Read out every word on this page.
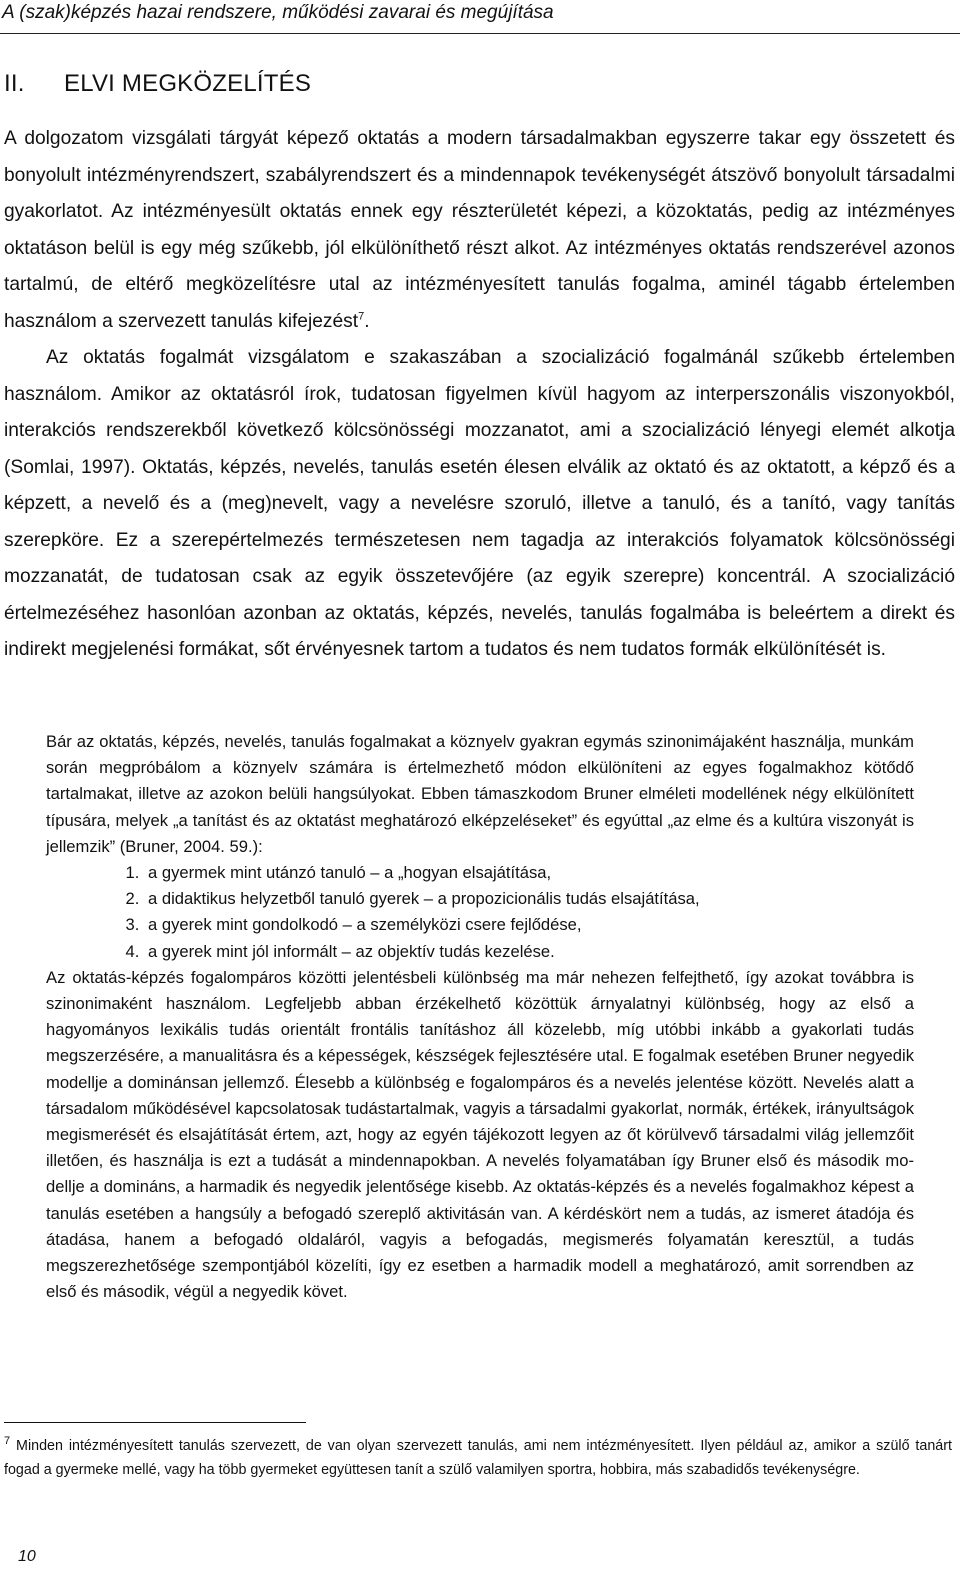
A (szak)képzés hazai rendszere, működési zavarai és megújítása
II. ELVI MEGKÖZELÍTÉS

A dolgozatom vizsgálati tárgyát képező oktatás a modern társadalmakban egyszerre takar egy összetett és bonyolult intézményrendszert, szabályrendszert és a mindennapok tevékenységét átszövő bonyolult társadalmi gyakorlatot. Az intézményesült oktatás ennek egy részterületét képezi, a közoktatás, pedig az intézményes oktatáson belül is egy még szűkebb, jól elkülöníthető részt alkot. Az intézményes oktatás rendszerével azonos tartalmú, de eltérő megközelítésre utal az intézményesített tanulás fogalma, aminél tágabb értelemben használom a szervezett tanulás kifejezést$^7$.

Az oktatás fogalmát vizsgálatom e szakaszában a szocializáció fogalmánál szűkebb értelemben használom. Amikor az oktatásról írok, tudatosan figyelmen kívül hagyom az interperszonális viszonyokból, interakciós rendszerekből következő kölcsönösségi mozzanatot, ami a szocializáció lényegi elemét alkotja (Somlai, 1997). Oktatás, képzés, nevelés, tanulás esetén élesen elválik az oktató és az oktatott, a képző és a képzett, a nevelő és a (meg)nevelt, vagy a nevelésre szoruló, illetve a tanuló, és a tanító, vagy tanítás szerepköre. Ez a szerepértelmezés természetesen nem tagadja az interakciós folyamatok kölcsönösségi mozzanatát, de tudatosan csak az egyik összetevőjére (az egyik szerepre) koncentrál. A szocializáció értelmezéséhez hasonlóan azonban az oktatás, képzés, nevelés, tanulás fogalmába is beleértem a direkt és indirekt megjelenési formákat, sőt érvényesnek tartom a tudatos és nem tudatos formák elkülönítését is.

Bár az oktatás, képzés, nevelés, tanulás fogalmakat a köznyelv gyakran egymás szinonimájaként használja, munkám során megpróbálom a köznyelv számára is értelmezhető módon elkülöníteni az egyes fogalmakhoz kötődő tartalmakat, illetve az azokon belüli hangsúlyokat. Ebben támaszkodom Bruner elméleti modellének négy elkülönített típusára, melyek „a tanítást és az oktatást meghatározó elképzeléseket” és egyúttal „az elme és a kultúra viszonyát is jellemzik” (Bruner, 2004. 59.):

1. a gyermek mint utánzó tanuló – a „hogyan elsajátítása,
2. a didaktikus helyzetből tanuló gyerek – a propozicionális tudás elsajátítása,
3. a gyerek mint gondolkodó – a személyközi csere fejlődése,
4. a gyerek mint jól informált – az objektív tudás kezelése.

Az oktatás-képzés fogalompáros közötti jelentésbeli különbség ma már nehezen felfejthető, így azokat továbbra is szinonimaként használom. Legfeljebb abban érzékelhető közöttük árnyalatnyi különbség, hogy az első a hagyományos lexikális tudás orientált frontális tanításhoz áll közelebb, míg utóbbi inkább a gyakorlati tudás megszerzésére, a manualitásra és a képességek, készségek fejlesztésére utal. E fogalmak esetében Bruner negyedik modellje a dominánsan jellemző. Élesebb a különbség e fogalompáros és a nevelés jelentése között. Nevelés alatt a társadalom működésével kapcsolatosak tudástartalmak, vagyis a társadalmi gyakorlat, normák, értékek, irányultságok megismerését és elsajátítását értem, azt, hogy az egyén tájékozott legyen az őt körülvevő társadalmi világ jellemzőit illetően, és használja is ezt a tudását a mindennapokban. A nevelés folyamatában így Bruner első és második modellje a domináns, a harmadik és negyedik jelentősége kisebb. Az oktatás-képzés és a nevelés fogalmakhoz képest a tanulás esetében a hangsúly a befogadó szereplő aktivitásán van. A kérdéskört nem a tudás, az ismeret átadója és átadása, hanem a befogadó oldaláról, vagyis a befogadás, megismerés folyamatán keresztül, a tudás megszerezhetősége szempontjából közelíti, így ez esetben a harmadik modell a meghatározó, amit sorrendben az első és második, végül a negyedik követ.

$^7$ Minden intézményesített tanulás szervezett, de van olyan szervezett tanulás, ami nem intézményesített. Ilyen például az, amikor a szülő tanárt fogad a gyermeke mellé, vagy ha több gyermeket együttesen tanít a szülő valamilyen sportra, hobbira, más szabadidős tevékenységre.

10
